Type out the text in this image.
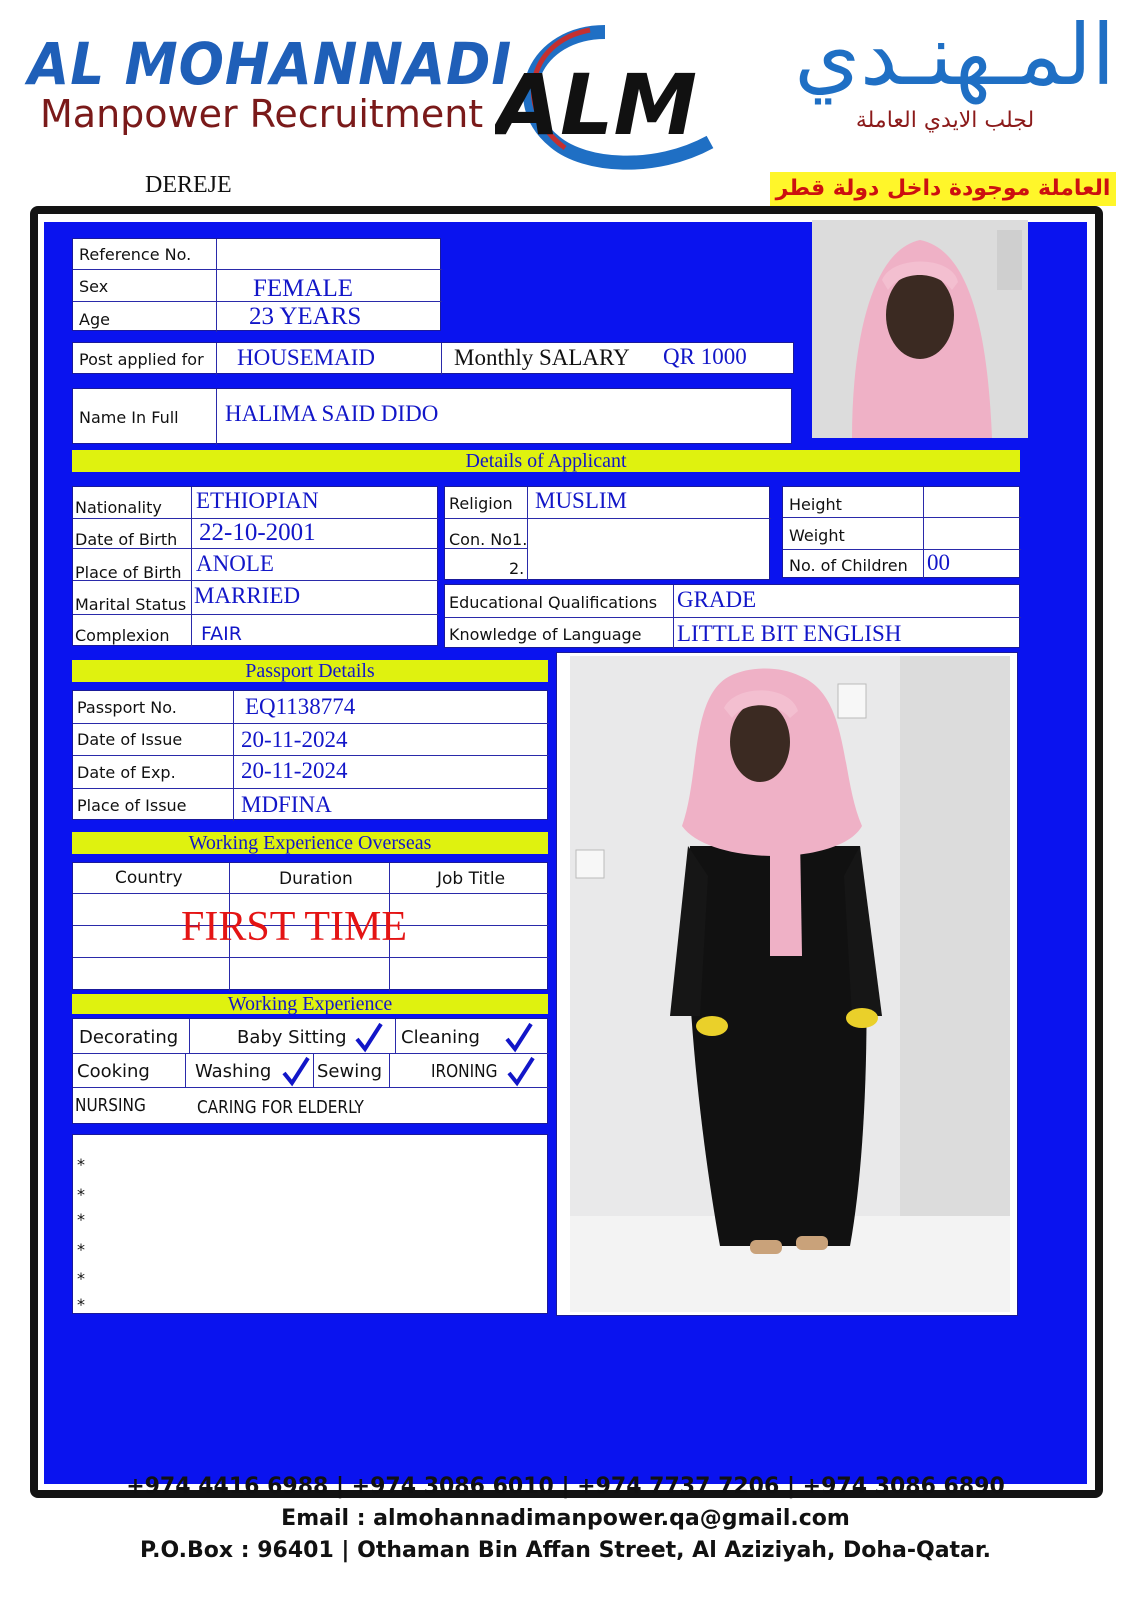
AL MOHANNADI
Manpower Recruitment ALM
المـهنـدي
لجلب الايدي العاملة
DEREJE	العاملة موجودة داخل دولة قطر
Reference No.
Sex	FEMALE
Age	23 YEARS
Post applied for HOUSEMAID	Monthly SALARY QR 1000
Name In Full HALIMA SAID DIDO
Details of Applicant
Nationality ETHIOPIAN
Date of Birth 22-10-2001
Place of Birth ANOLE
Marital Status MARRIED
Complexion FAIR
Religion MUSLIM
Con. No1.
2.
Height
Weight
No. of Children 00
Educational Qualifications GRADE
Knowledge of Language LITTLE BIT ENGLISH
Passport Details
Passport No.	EQ1138774
Date of Issue	20-11-2024
Date of Exp.	20-11-2024
Place of Issue MDFINA
Working Experience Overseas
Country	Duration	Job Title
FIRST TIME
Working Experience
Decorating	Baby Sitting	Cleaning
Cooking	Washing	Sewing	IRONING
NURSING	CARING FOR ELDERLY
*
*
*
*
*
*
+974 4416 6988 | +974 3086 6010 | +974 7737 7206 | +974 3086 6890
Email : almohannadimanpower.qa@gmail.com
P.O.Box : 96401 | Othaman Bin Affan Street, Al Aziziyah, Doha-Qatar.
